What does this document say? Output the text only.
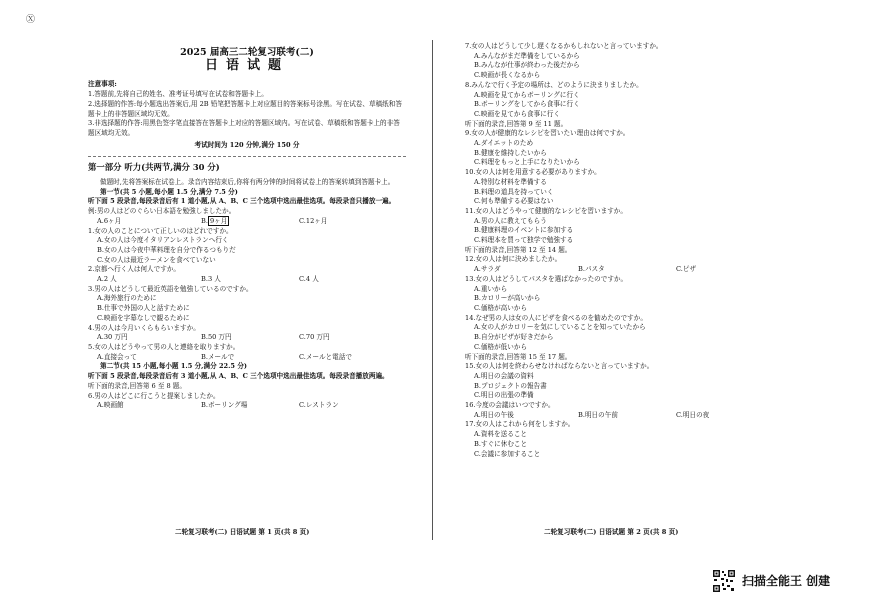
Ⓧ
2025 届高三二轮复习联考(二)
日语试题
注意事项:
1.答题前,先将自己的姓名、准考证号填写在试卷和答题卡上。
2.选择题的作答:每小题选出答案后,用 2B 铅笔把答题卡上对应题目的答案标号涂黑。写在试卷、草稿纸和答题卡上的非答题区域均无效。
3.非选择题的作答:用黑色签字笔直接答在答题卡上对应的答题区域内。写在试卷、草稿纸和答题卡上的非答题区域均无效。
考试时间为 120 分钟,满分 150 分
第一部分 听力(共两节,满分 30 分)
做题时,先将答案标在试卷上。录音内容结束后,你将有两分钟的时间将试卷上的答案转填到答题卡上。
第一节(共 5 小题,每小题 1.5 分,满分 7.5 分)
听下面 5 段录音,每段录音后有 1 道小题,从 A、B、C 三个选项中选出最佳选项。每段录音只播放一遍。
例:男の人はどのぐらい日本語を勉強しましたか。
A.6ヶ月	B. 9ヶ月	C.12ヶ月
1.女の人のことについて正しいのはどれですか。
A.女の人は今度イタリアンレストランへ行く
B.女の人は今夜中華料理を自分で作るつもりだ
C.女の人は最近ラーメンを食べていない
2.京都へ行く人は何人ですか。
A.2 人	B.3 人	C.4 人
3.男の人はどうして最近英語を勉強しているのですか。
A.海外旅行のために
B.仕事で外国の人と話すために
C.映画を字幕なしで観るために
4.男の人は今月いくらもらいますか。
A.30 万円	B.50 万円	C.70 万円
5.女の人はどうやって男の人と連絡を取りますか。
A.直接会って	B.メールで	C.メールと電話で
第二节(共 15 小题,每小题 1.5 分,满分 22.5 分)
听下面 5 段录音,每段录音后有 3 道小题,从 A、B、C 三个选项中选出最佳选项。每段录音播放两遍。
听下面的录音,回答第 6 至 8 题。
6.男の人はどこに行こうと提案しましたか。
A.映画館	B.ボーリング場	C.レストラン
7.女の人はどうして少し遅くなるかもしれないと言っていますか。
A.みんながまだ準備をしているから
B.みんなが仕事が終わった後だから
C.映画が長くなるから
8.みんなで行く予定の場所は、どのように決まりましたか。
A.映画を見てからボーリングに行く
B.ボーリングをしてから食事に行く
C.映画を見てから食事に行く
听下面的录音,回答第 9 至 11 题。
9.女の人が健康的なレシピを習いたい理由は何ですか。
A.ダイエットのため
B.健康を維持したいから
C.料理をもっと上手になりたいから
10.女の人は何を用意する必要がありますか。
A.特別な材料を準備する
B.料理の道具を持っていく
C.何も準備する必要はない
11.女の人はどうやって健康的なレシピを習いますか。
A.男の人に教えてもらう
B.健康料理のイベントに参加する
C.料理本を買って独学で勉強する
听下面的录音,回答第 12 至 14 题。
12.女の人は何に決めましたか。
A.サラダ	B.パスタ	C.ピザ
13.女の人はどうしてパスタを選ばなかったのですか。
A.重いから
B.カロリーが高いから
C.価格が高いから
14.なぜ男の人は女の人にピザを食べるのを勧めたのですか。
A.女の人がカロリーを気にしていることを知っていたから
B.自分がピザが好きだから
C.価格が低いから
听下面的录音,回答第 15 至 17 题。
15.女の人は何を終わらせなければならないと言っていますか。
A.明日の会議の資料
B.プロジェクトの報告書
C.明日の出張の準備
16.今度の会議はいつですか。
A.明日の午後	B.明日の午前	C.明日の夜
17.女の人はこれから何をしますか。
A.資料を送ること
B.すぐに休むこと
C.会議に参加すること
二轮复习联考(二) 日语试题 第 1 页(共 8 页)	二轮复习联考(二) 日语试题 第 2 页(共 8 页)
扫描全能王 创建
